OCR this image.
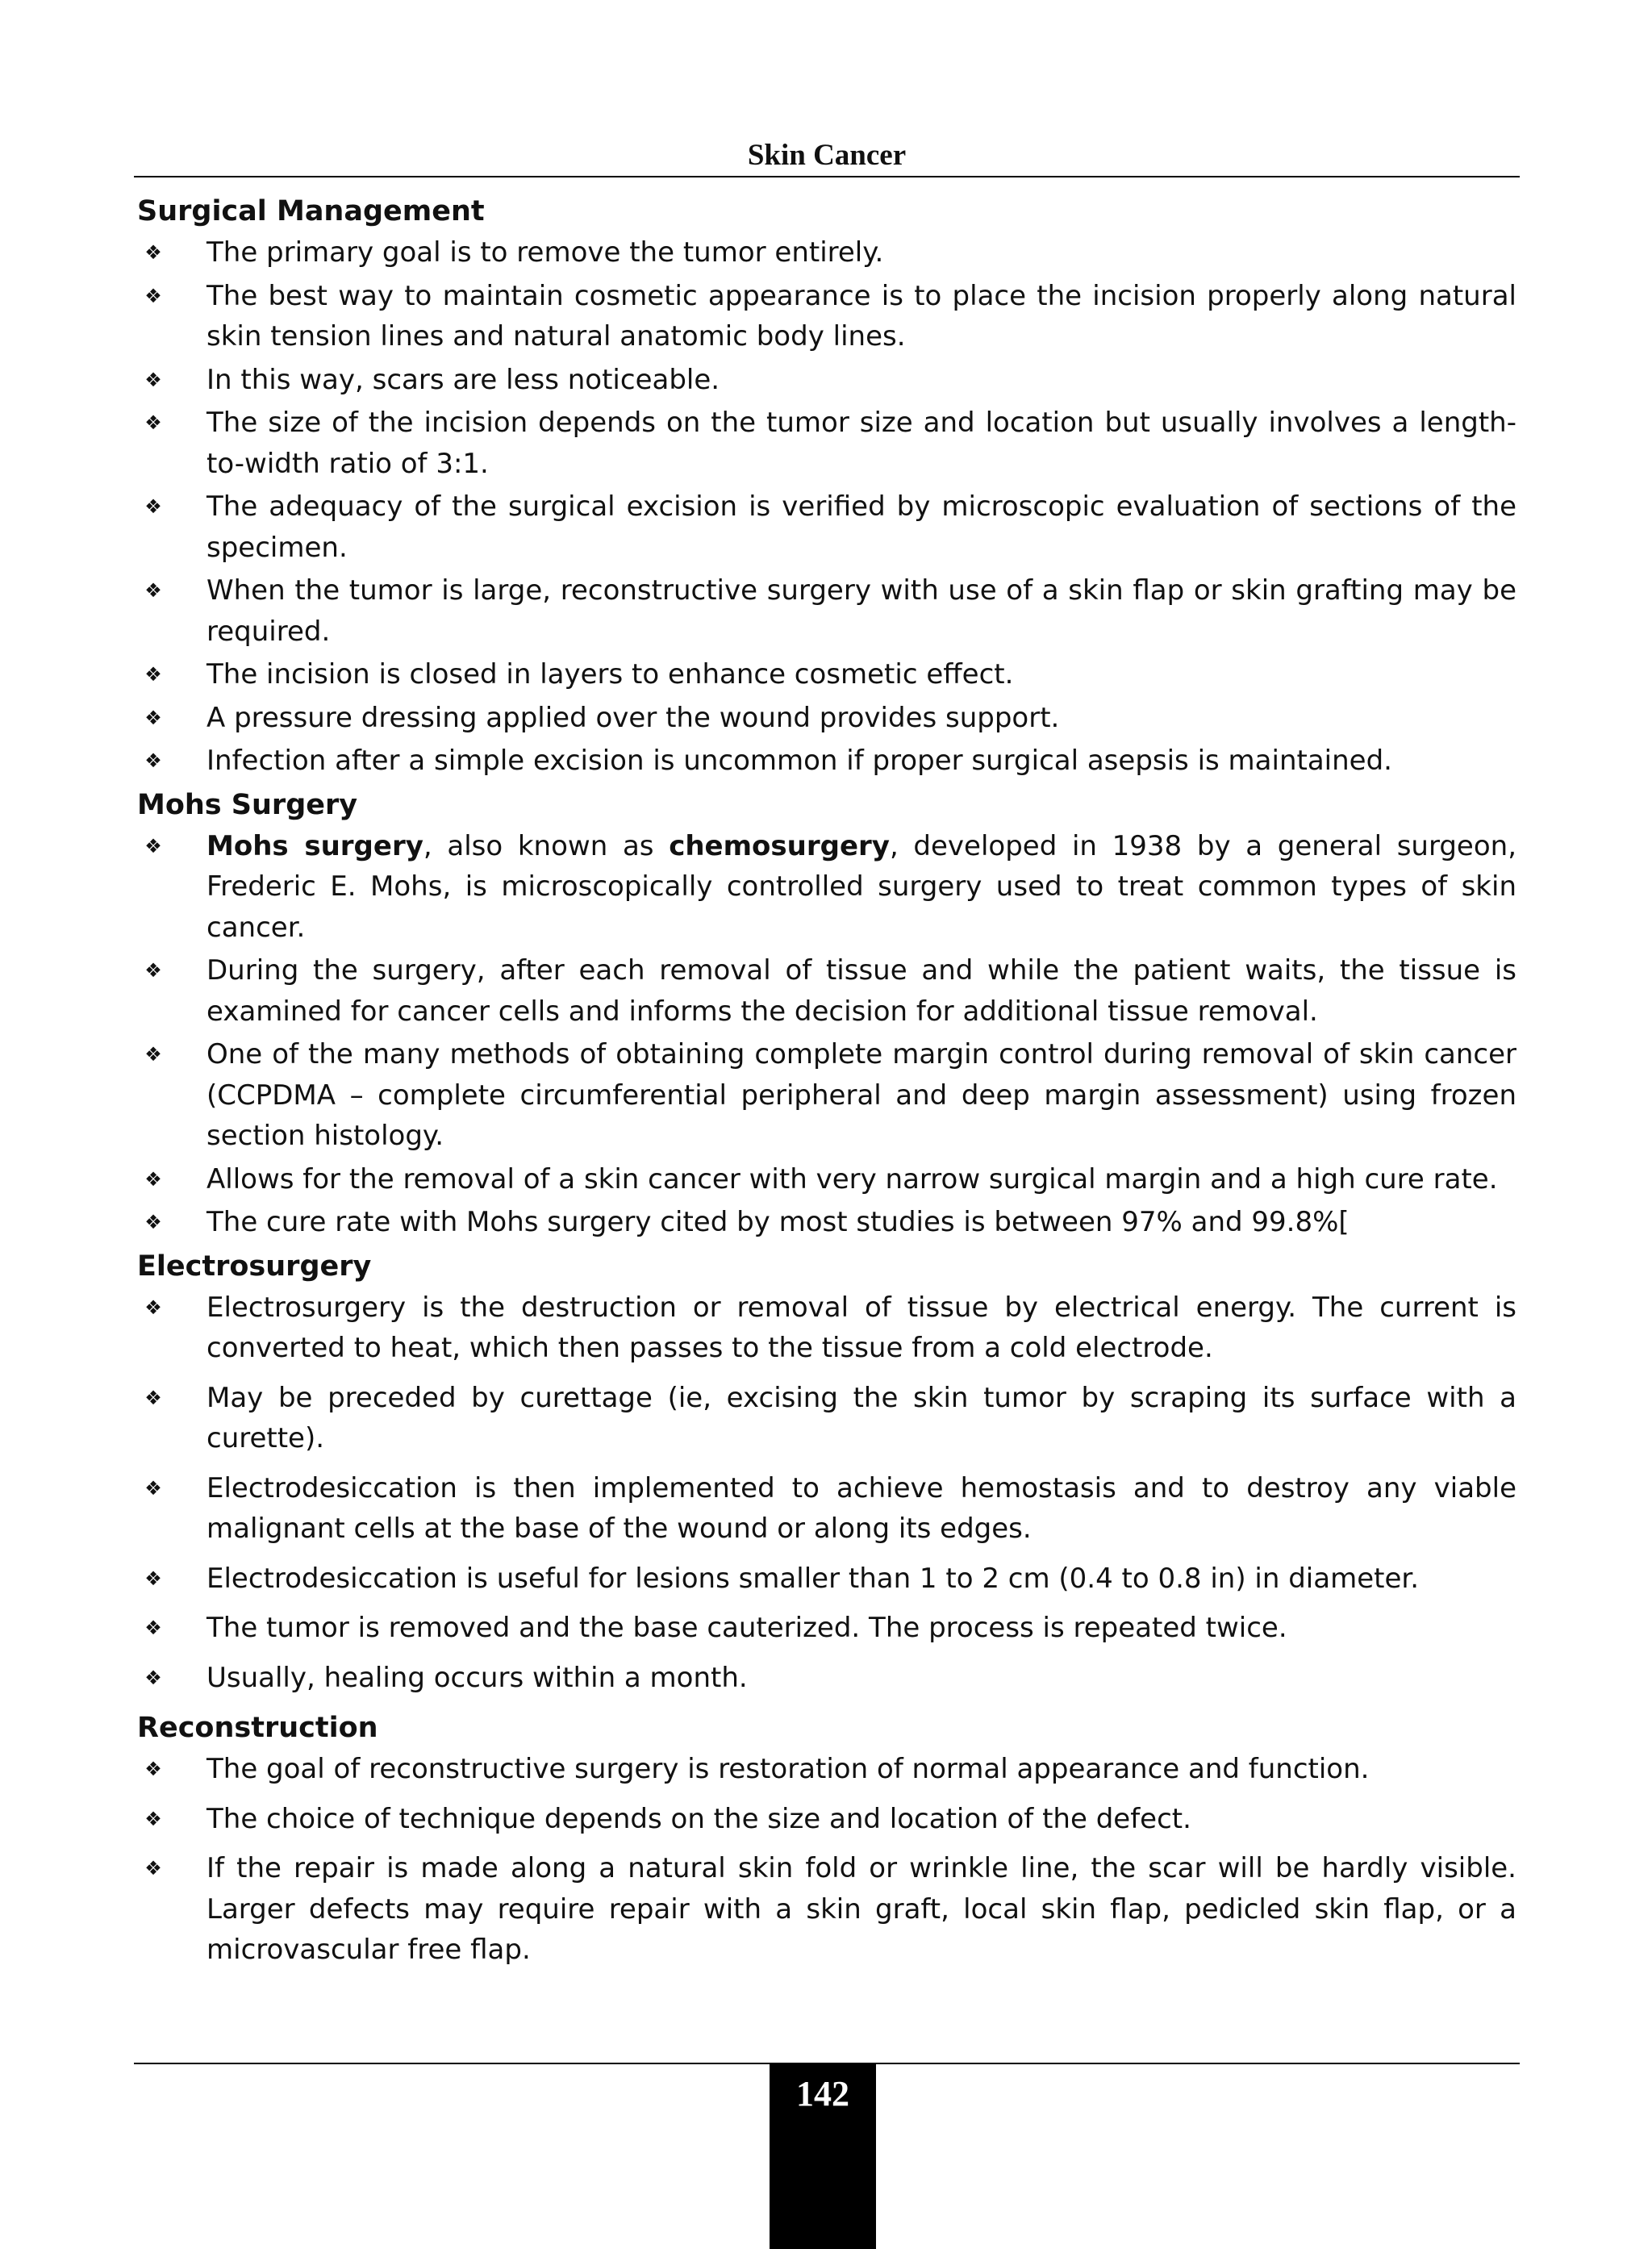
Skin Cancer
Surgical Management
❖ The primary goal is to remove the tumor entirely.
❖ The best way to maintain cosmetic appearance is to place the incision properly along natural skin tension lines and natural anatomic body lines.
❖ In this way, scars are less noticeable.
❖ The size of the incision depends on the tumor size and location but usually involves a length-to-width ratio of 3:1.
❖ The adequacy of the surgical excision is verified by microscopic evaluation of sections of the specimen.
❖ When the tumor is large, reconstructive surgery with use of a skin flap or skin grafting may be required.
❖ The incision is closed in layers to enhance cosmetic effect.
❖ A pressure dressing applied over the wound provides support.
❖ Infection after a simple excision is uncommon if proper surgical asepsis is maintained.
Mohs Surgery
❖ Mohs surgery, also known as chemosurgery, developed in 1938 by a general surgeon, Frederic E. Mohs, is microscopically controlled surgery used to treat common types of skin cancer.
❖ During the surgery, after each removal of tissue and while the patient waits, the tissue is examined for cancer cells and informs the decision for additional tissue removal.
❖ One of the many methods of obtaining complete margin control during removal of skin cancer (CCPDMA – complete circumferential peripheral and deep margin assessment) using frozen section histology.
❖ Allows for the removal of a skin cancer with very narrow surgical margin and a high cure rate.
❖ The cure rate with Mohs surgery cited by most studies is between 97% and 99.8%[
Electrosurgery
❖ Electrosurgery is the destruction or removal of tissue by electrical energy. The current is converted to heat, which then passes to the tissue from a cold electrode.
❖ May be preceded by curettage (ie, excising the skin tumor by scraping its surface with a curette).
❖ Electrodesiccation is then implemented to achieve hemostasis and to destroy any viable malignant cells at the base of the wound or along its edges.
❖ Electrodesiccation is useful for lesions smaller than 1 to 2 cm (0.4 to 0.8 in) in diameter.
❖ The tumor is removed and the base cauterized. The process is repeated twice.
❖ Usually, healing occurs within a month.
Reconstruction
❖ The goal of reconstructive surgery is restoration of normal appearance and function.
❖ The choice of technique depends on the size and location of the defect.
❖ If the repair is made along a natural skin fold or wrinkle line, the scar will be hardly visible. Larger defects may require repair with a skin graft, local skin flap, pedicled skin flap, or a microvascular free flap.
142
